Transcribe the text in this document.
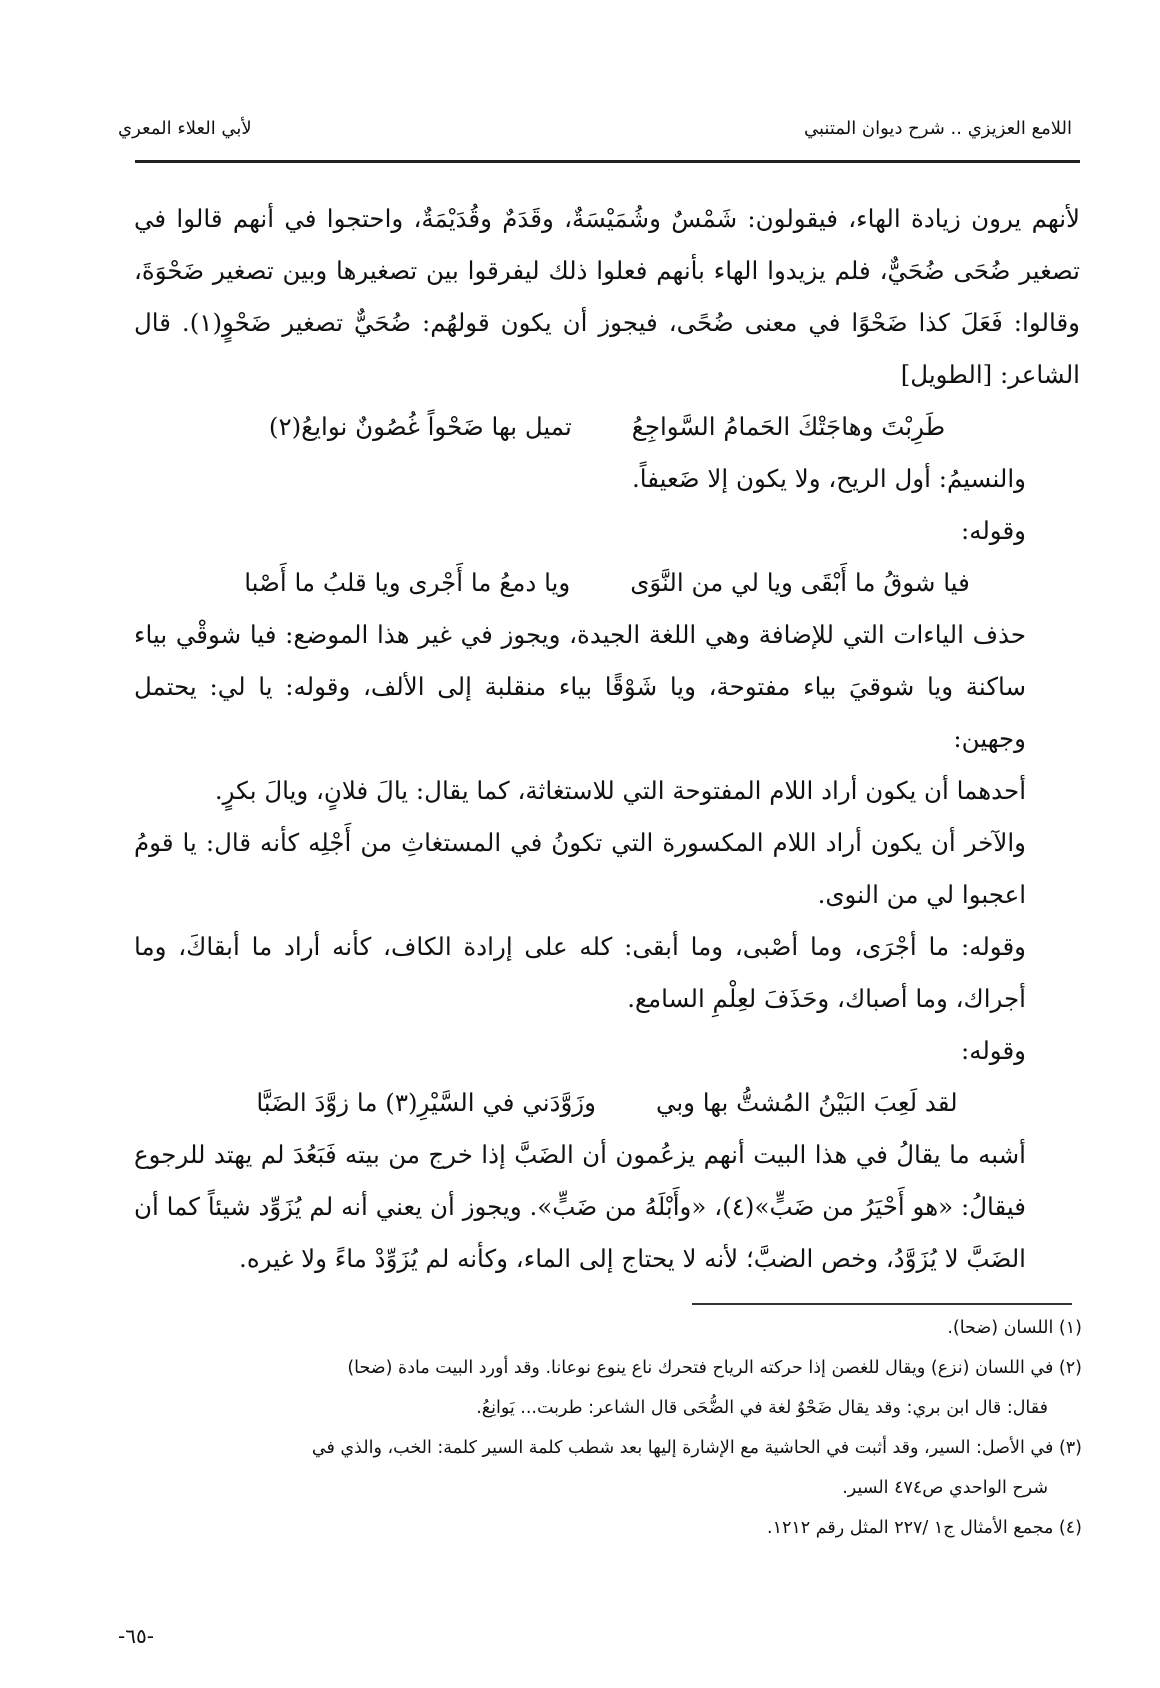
اللامع العزيزي .. شرح ديوان المتنبي
لأبي العلاء المعري

لأنهم يرون زيادة الهاء، فيقولون: شَمْسٌ وشُمَيْسَةٌ، وقَدَمٌ وقُدَيْمَةٌ، واحتجوا في أنهم قالوا في تصغير ضُحَى ضُحَيٌّ، فلم يزيدوا الهاء بأنهم فعلوا ذلك ليفرقوا بين تصغيرها وبين تصغير ضَحْوَةَ، وقالوا: فَعَلَ كذا ضَحْوًا في معنى ضُحًى، فيجوز أن يكون قولهُم: ضُحَيٌّ تصغير ضَحْوٍ(١). قال الشاعر: [الطويل]

طَرِبْتَ وهاجَتْكَ الحَمامُ السَّواجِعُ
تميل بها ضَحْواً غُصُونٌ نوايعُ(٢)

والنسيمُ: أول الريح، ولا يكون إلا ضَعيفاً.

وقوله:

فيا شوقُ ما أَبْقَى ويا لي من النَّوَى
ويا دمعُ ما أَجْرى ويا قلبُ ما أَصْبا

حذف الياءات التي للإضافة وهي اللغة الجيدة، ويجوز في غير هذا الموضع: فيا شوقْي بياء ساكنة ويا شوقيَ بياء مفتوحة، ويا شَوْقًا بياء منقلبة إلى الألف، وقوله: يا لي: يحتمل وجهين:

أحدهما أن يكون أراد اللام المفتوحة التي للاستغاثة، كما يقال: يالَ فلانٍ، ويالَ بكرٍ.

والآخر أن يكون أراد اللام المكسورة التي تكونُ في المستغاثِ من أَجْلِه كأنه قال: يا قومُ اعجبوا لي من النوى.

وقوله: ما أجْرَى، وما أصْبى، وما أبقى: كله على إرادة الكاف، كأنه أراد ما أبقاكَ، وما أجراك، وما أصباك، وحَذَفَ لعِلْمِ السامع.

وقوله:

لقد لَعِبَ البَيْنُ المُشتُّ بها وبي
وزَوَّدَني في السَّيْرِ(٣) ما زوَّدَ الضَبَّا

أشبه ما يقالُ في هذا البيت أنهم يزعُمون أن الضَبَّ إذا خرج من بيته فَبَعُدَ لم يهتد للرجوع فيقالُ: «هو أَحْيَرُ من ضَبٍّ»(٤)، «وأَبْلَهُ من ضَبٍّ». ويجوز أن يعني أنه لم يُزَوِّد شيئاً كما أن الضَبَّ لا يُزَوَّدُ، وخص الضبَّ؛ لأنه لا يحتاج إلى الماء، وكأنه لم يُزَوِّدْ ماءً ولا غيره.

(١) اللسان (ضحا).

(٢) في اللسان (نزع) ويقال للغصن إذا حركته الرياح فتحرك ناع ينوع نوعانا. وقد أورد البيت مادة (ضحا)

فقال: قال ابن بري: وقد يقال ضَحْوٌ لغة في الضُّحَى قال الشاعر: طربت... يَوانِعُ.

(٣) في الأصل: السير، وقد أثبت في الحاشية مع الإشارة إليها بعد شطب كلمة السير كلمة: الخب، والذي في

شرح الواحدي ص٤٧٤ السير.

(٤) مجمع الأمثال ج١ /٢٢٧ المثل رقم ١٢١٢.

-٦٥-
